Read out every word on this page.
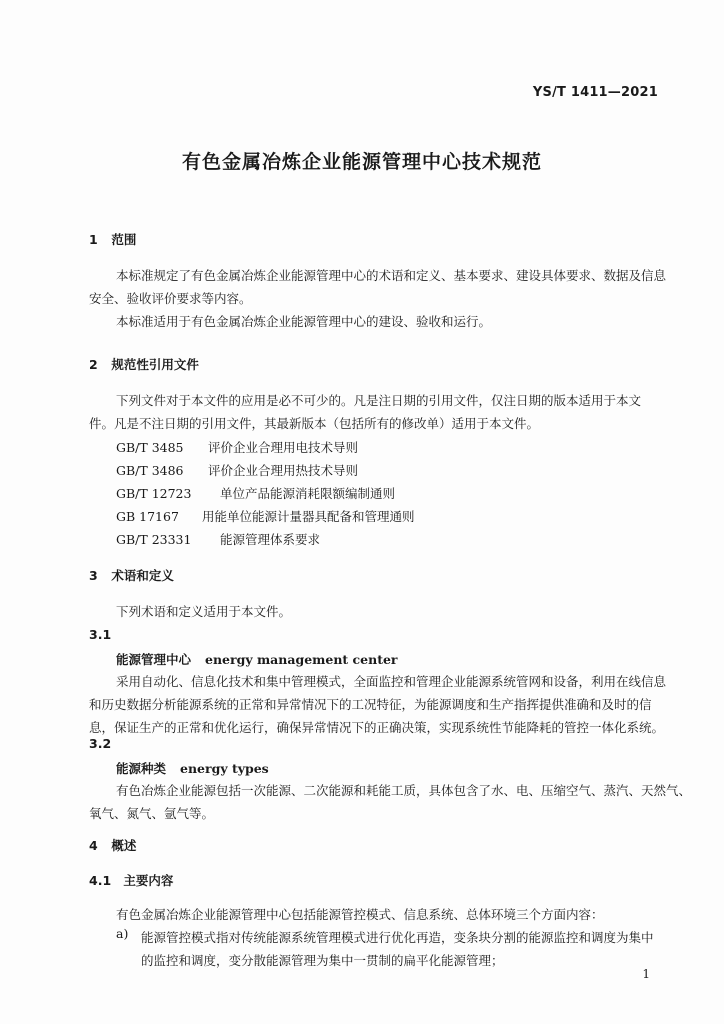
YS/T 1411—2021
有色金属冶炼企业能源管理中心技术规范
1 范围
本标准规定了有色金属冶炼企业能源管理中心的术语和定义、基本要求、建设具体要求、数据及信息
安全、验收评价要求等内容。
本标准适用于有色金属冶炼企业能源管理中心的建设、验收和运行。
2 规范性引用文件
下列文件对于本文件的应用是必不可少的。凡是注日期的引用文件，仅注日期的版本适用于本文
件。凡是不注日期的引用文件，其最新版本（包括所有的修改单）适用于本文件。
GB/T 3485 评价企业合理用电技术导则
GB/T 3486 评价企业合理用热技术导则
GB/T 12723 单位产品能源消耗限额编制通则
GB 17167 用能单位能源计量器具配备和管理通则
GB/T 23331 能源管理体系要求
3 术语和定义
下列术语和定义适用于本文件。
3.1
能源管理中心 energy management center
采用自动化、信息化技术和集中管理模式，全面监控和管理企业能源系统管网和设备，利用在线信息
和历史数据分析能源系统的正常和异常情况下的工况特征，为能源调度和生产指挥提供准确和及时的信
息，保证生产的正常和优化运行，确保异常情况下的正确决策，实现系统性节能降耗的管控一体化系统。
3.2
能源种类 energy types
有色冶炼企业能源包括一次能源、二次能源和耗能工质，具体包含了水、电、压缩空气、蒸汽、天然气、
氧气、氮气、氩气等。
4 概述
4.1 主要内容
有色金属冶炼企业能源管理中心包括能源管控模式、信息系统、总体环境三个方面内容：
a) 能源管控模式指对传统能源系统管理模式进行优化再造，变条块分割的能源监控和调度为集中
的监控和调度，变分散能源管理为集中一贯制的扁平化能源管理；
1
